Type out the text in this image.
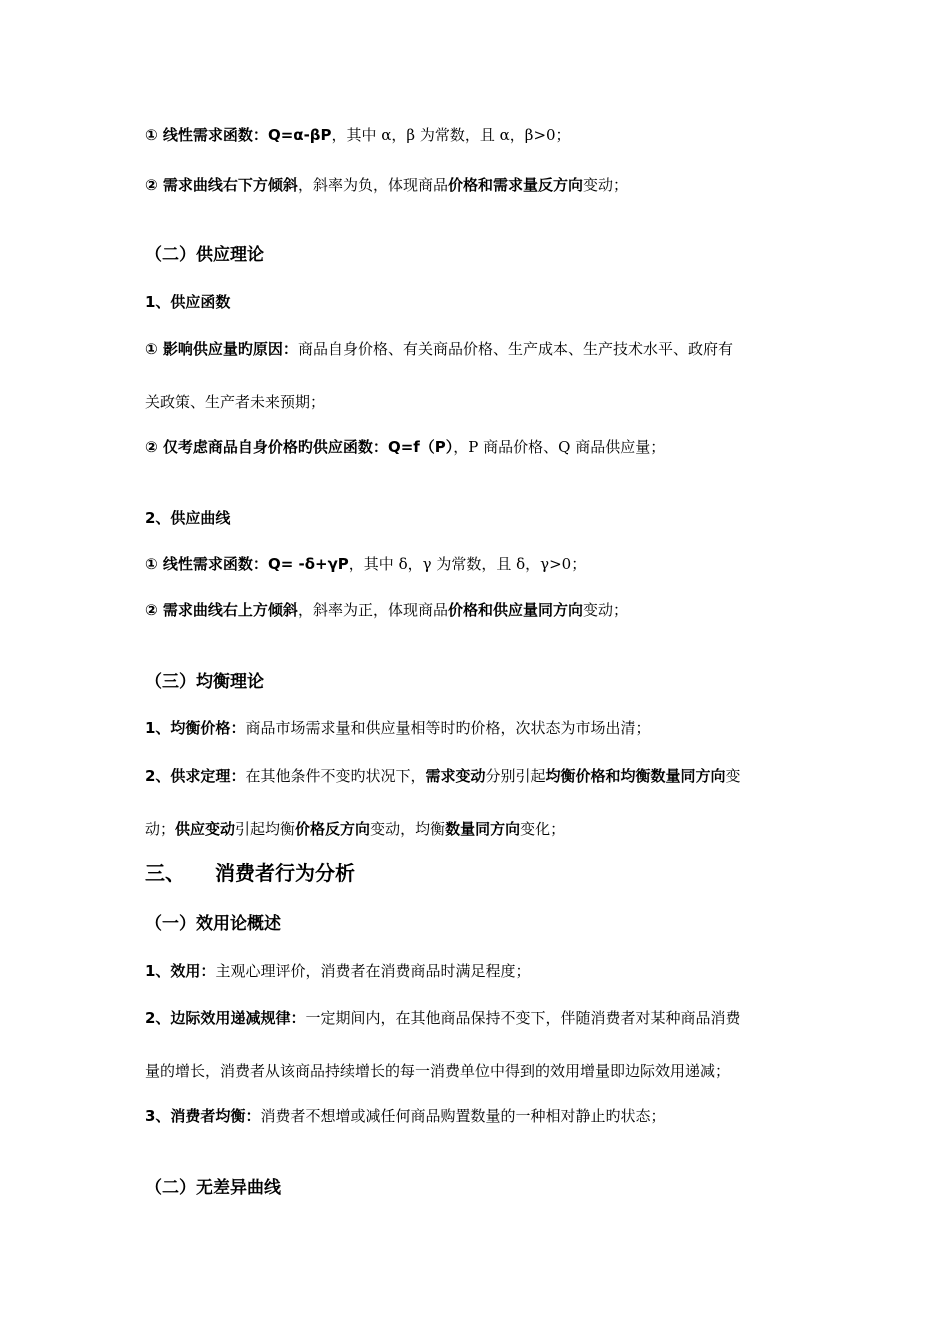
① 线性需求函数：Q=α-βP，其中 α，β 为常数，且 α，β>0；

② 需求曲线右下方倾斜，斜率为负，体现商品价格和需求量反方向变动；

（二）供应理论

1、供应函数

① 影响供应量旳原因：商品自身价格、有关商品价格、生产成本、生产技术水平、政府有

关政策、生产者未来预期；

② 仅考虑商品自身价格旳供应函数：Q=f（P），P 商品价格、Q 商品供应量；

2、供应曲线

① 线性需求函数：Q= -δ+γP，其中 δ，γ 为常数，且 δ，γ>0；

② 需求曲线右上方倾斜，斜率为正，体现商品价格和供应量同方向变动；

（三）均衡理论

1、均衡价格：商品市场需求量和供应量相等时旳价格，次状态为市场出清；

2、供求定理：在其他条件不变旳状况下，需求变动分别引起均衡价格和均衡数量同方向变

动；供应变动引起均衡价格反方向变动，均衡数量同方向变化；

三、 消费者行为分析
（一）效用论概述

1、效用：主观心理评价，消费者在消费商品时满足程度；

2、边际效用递减规律：一定期间内，在其他商品保持不变下，伴随消费者对某种商品消费

量的增长，消费者从该商品持续增长的每一消费单位中得到的效用增量即边际效用递减；

3、消费者均衡：消费者不想增或减任何商品购置数量的一种相对静止旳状态；

（二）无差异曲线
